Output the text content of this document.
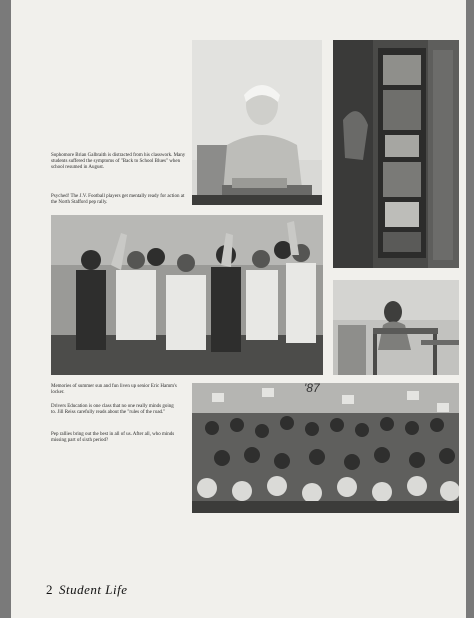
'87

Sophomore Brian Galbraith is distracted from his classwork. Many students suffered the symptoms of "Back to School Blues" when school resumed in August.

Psyched! The J.V. Football players get mentally ready for action at the North Stafford pep rally.

Memories of summer sun and fun liven up senior Eric Hamm's locker.

Drivers Education is one class that no one really minds going to. Jill Reiss carefully reads about the "rules of the road."

Pep rallies bring out the best in all of us. After all, who minds missing part of sixth period?

2 Student Life
